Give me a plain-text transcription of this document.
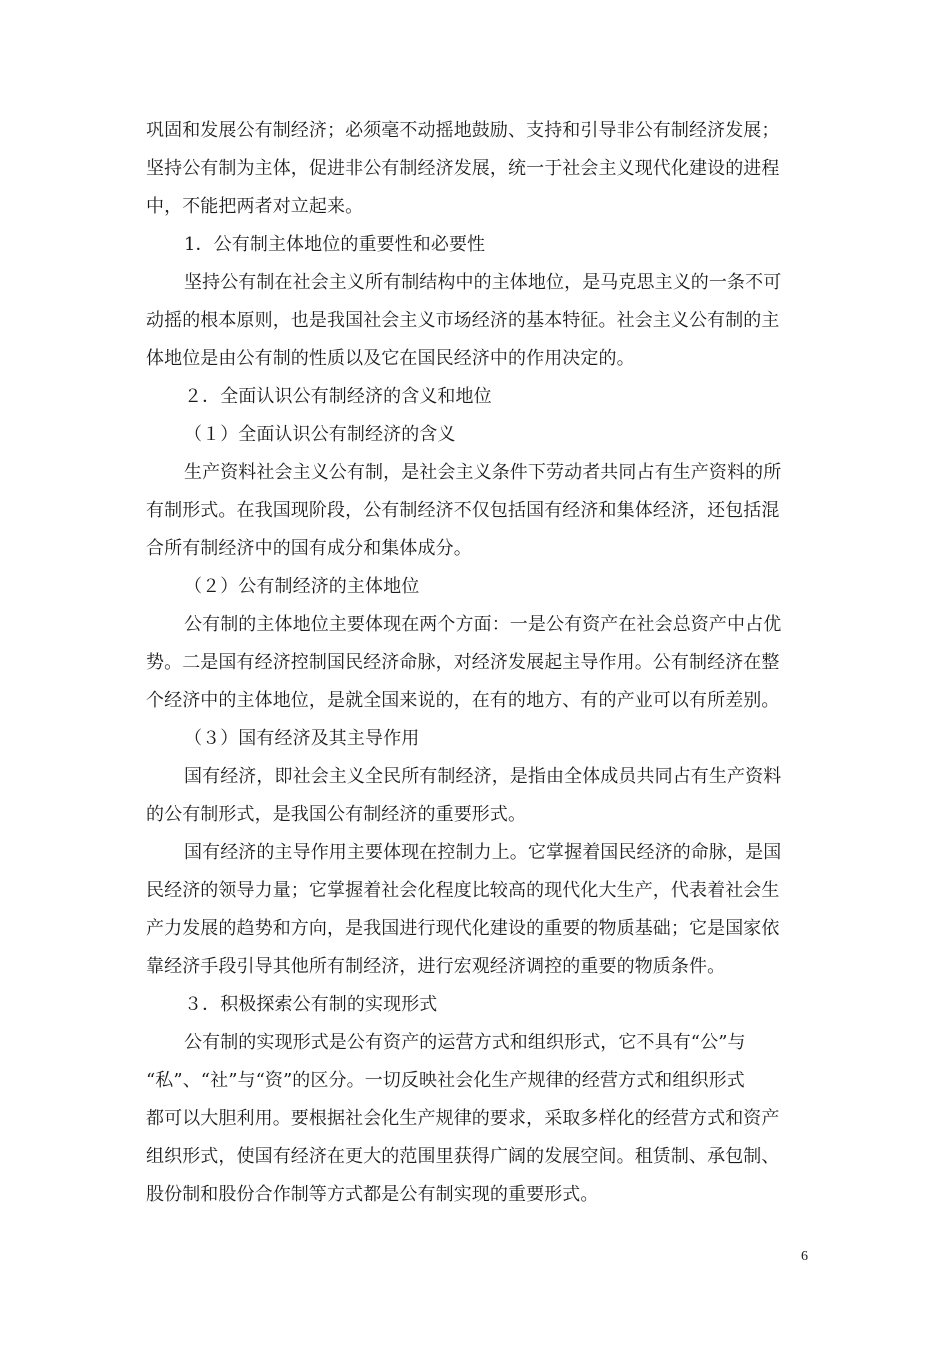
巩固和发展公有制经济；必须毫不动摇地鼓励、支持和引导非公有制经济发展；
坚持公有制为主体，促进非公有制经济发展，统一于社会主义现代化建设的进程
中，不能把两者对立起来。
1．公有制主体地位的重要性和必要性
坚持公有制在社会主义所有制结构中的主体地位，是马克思主义的一条不可
动摇的根本原则，也是我国社会主义市场经济的基本特征。社会主义公有制的主
体地位是由公有制的性质以及它在国民经济中的作用决定的。
２．全面认识公有制经济的含义和地位
（１）全面认识公有制经济的含义
生产资料社会主义公有制，是社会主义条件下劳动者共同占有生产资料的所
有制形式。在我国现阶段，公有制经济不仅包括国有经济和集体经济，还包括混
合所有制经济中的国有成分和集体成分。
（２）公有制经济的主体地位
公有制的主体地位主要体现在两个方面：一是公有资产在社会总资产中占优
势。二是国有经济控制国民经济命脉，对经济发展起主导作用。公有制经济在整
个经济中的主体地位，是就全国来说的，在有的地方、有的产业可以有所差别。
（３）国有经济及其主导作用
国有经济，即社会主义全民所有制经济，是指由全体成员共同占有生产资料
的公有制形式，是我国公有制经济的重要形式。
国有经济的主导作用主要体现在控制力上。它掌握着国民经济的命脉，是国
民经济的领导力量；它掌握着社会化程度比较高的现代化大生产，代表着社会生
产力发展的趋势和方向，是我国进行现代化建设的重要的物质基础；它是国家依
靠经济手段引导其他所有制经济，进行宏观经济调控的重要的物质条件。
３．积极探索公有制的实现形式
公有制的实现形式是公有资产的运营方式和组织形式，它不具有“公”与
“私”、“社”与“资”的区分。一切反映社会化生产规律的经营方式和组织形式
都可以大胆利用。要根据社会化生产规律的要求，采取多样化的经营方式和资产
组织形式，使国有经济在更大的范围里获得广阔的发展空间。租赁制、承包制、
股份制和股份合作制等方式都是公有制实现的重要形式。
6
